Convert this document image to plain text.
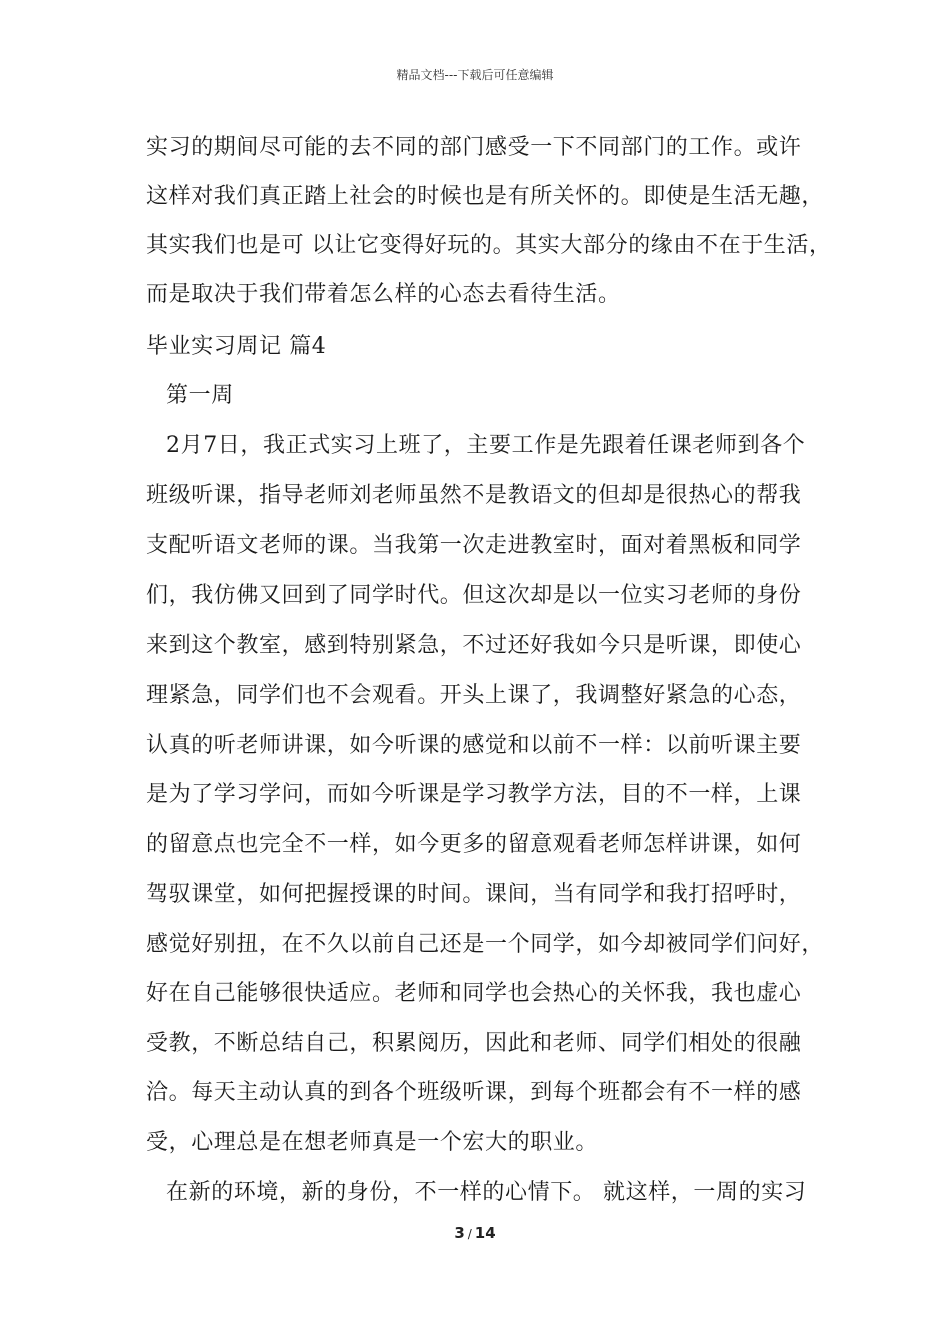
精品文档---下载后可任意编辑
实习的期间尽可能的去不同的部门感受一下不同部门的工作。或许
这样对我们真正踏上社会的时候也是有所关怀的。即使是生活无趣，
其实我们也是可 以让它变得好玩的。其实大部分的缘由不在于生活，
而是取决于我们带着怎么样的心态去看待生活。
毕业实习周记 篇4
第一周
2月7日，我正式实习上班了，主要工作是先跟着任课老师到各个
班级听课，指导老师刘老师虽然不是教语文的但却是很热心的帮我
支配听语文老师的课。当我第一次走进教室时，面对着黑板和同学
们，我仿佛又回到了同学时代。但这次却是以一位实习老师的身份
来到这个教室，感到特别紧急，不过还好我如今只是听课，即使心
理紧急，同学们也不会观看。开头上课了，我调整好紧急的心态，
认真的听老师讲课，如今听课的感觉和以前不一样：以前听课主要
是为了学习学问，而如今听课是学习教学方法，目的不一样，上课
的留意点也完全不一样，如今更多的留意观看老师怎样讲课，如何
驾驭课堂，如何把握授课的时间。课间，当有同学和我打招呼时，
感觉好别扭，在不久以前自己还是一个同学，如今却被同学们问好，
好在自己能够很快适应。老师和同学也会热心的关怀我，我也虚心
受教，不断总结自己，积累阅历，因此和老师、同学们相处的很融
洽。每天主动认真的到各个班级听课，到每个班都会有不一样的感
受，心理总是在想老师真是一个宏大的职业。
在新的环境，新的身份，不一样的心情下。 就这样，一周的实习
3 / 14
